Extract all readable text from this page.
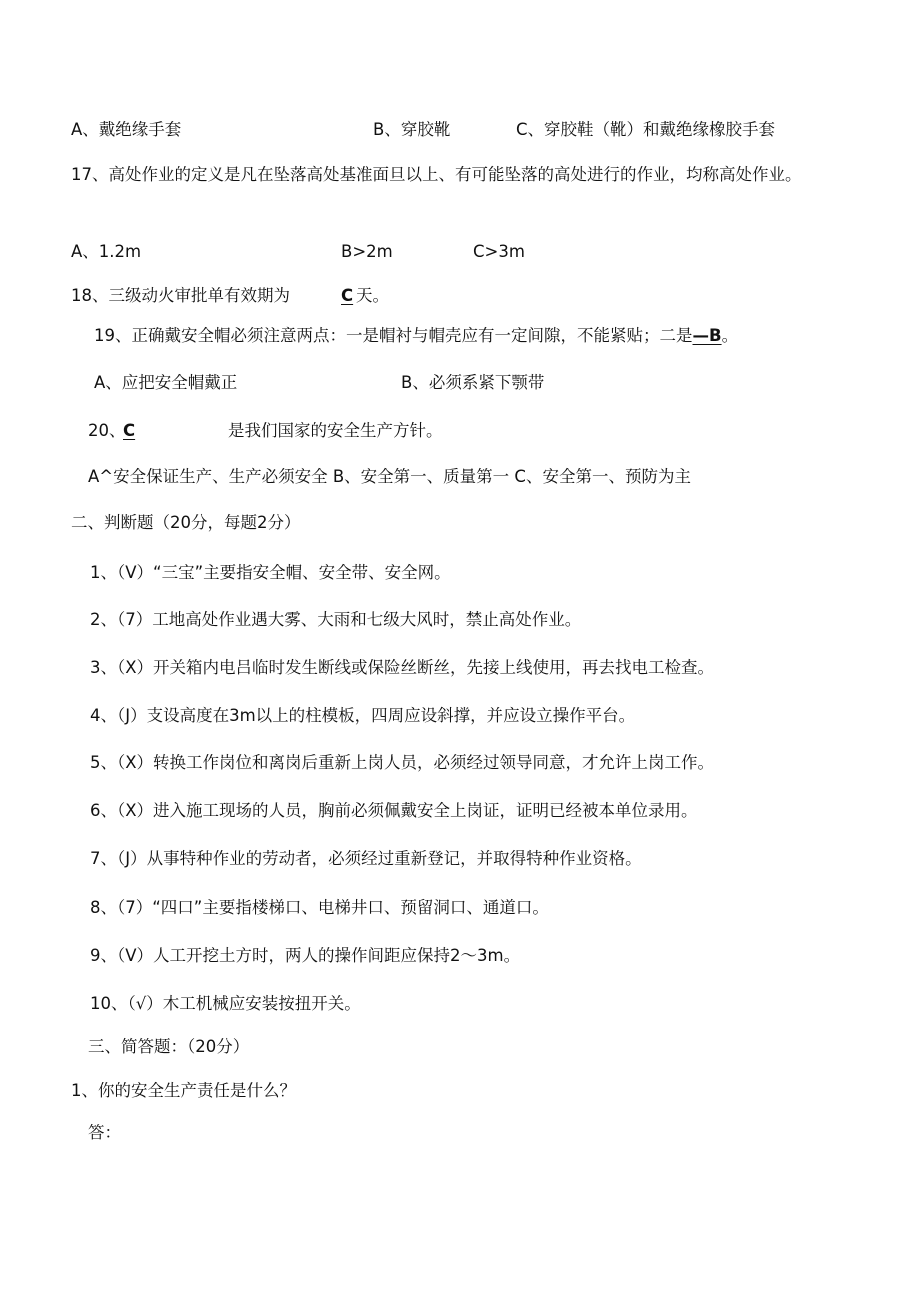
A、戴绝缘手套	B、穿胶靴	C、穿胶鞋（靴）和戴绝缘橡胶手套
17、高处作业的定义是凡在坠落高处基准面旦以上、有可能坠落的高处进行的作业，均称高处作业。
A、1.2m	B>2m	C>3m
18、三级动火审批单有效期为	C 天。
19、正确戴安全帽必须注意两点：一是帽衬与帽壳应有一定间隙，不能紧贴；二是—B。
A、应把安全帽戴正	B、必须系紧下颚带
20、
C	是我们国家的安全生产方针。
A^安全保证生产、生产必须安全 B、安全第一、质量第一 C、安全第一、预防为主
二、判断题（20分，每题2分）
1、（V）“三宝”主要指安全帽、安全带、安全网。
2、（7）工地高处作业遇大雾、大雨和七级大风时，禁止高处作业。
3、（X）开关箱内电吕临时发生断线或保险丝断丝，先接上线使用，再去找电工检查。
4、（J）支设高度在3m以上的柱模板，四周应设斜撑，并应设立操作平台。
5、（X）转换工作岗位和离岗后重新上岗人员，必须经过领导同意，才允许上岗工作。
6、（X）进入施工现场的人员，胸前必须佩戴安全上岗证，证明已经被本单位录用。
7、（J）从事特种作业的劳动者，必须经过重新登记，并取得特种作业资格。
8、（7）“四口”主要指楼梯口、电梯井口、预留洞口、通道口。
9、（V）人工开挖土方时，两人的操作间距应保持2～3m。
10、（√）木工机械应安装按扭开关。
三、简答题：（20分）
1、你的安全生产责任是什么？
答：
